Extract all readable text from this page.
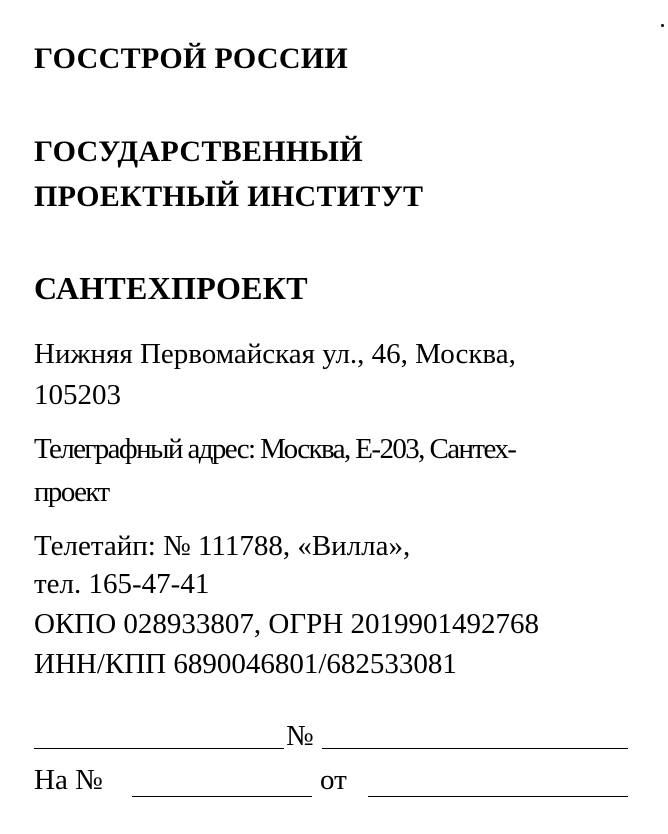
ГОССТРОЙ РОССИИ
ГОСУДАРСТВЕННЫЙ
ПРОЕКТНЫЙ ИНСТИТУТ
САНТЕХПРОЕКТ
Нижняя Первомайская ул., 46, Москва,
105203
Телеграфный адрес: Москва, Е-203, Сантех-
проект
Телетайп: № 111788, «Вилла»,
тел. 165-47-41
ОКПО 028933807, ОГРН 2019901492768
ИНН/КПП 6890046801/682533081
№
На №	от
